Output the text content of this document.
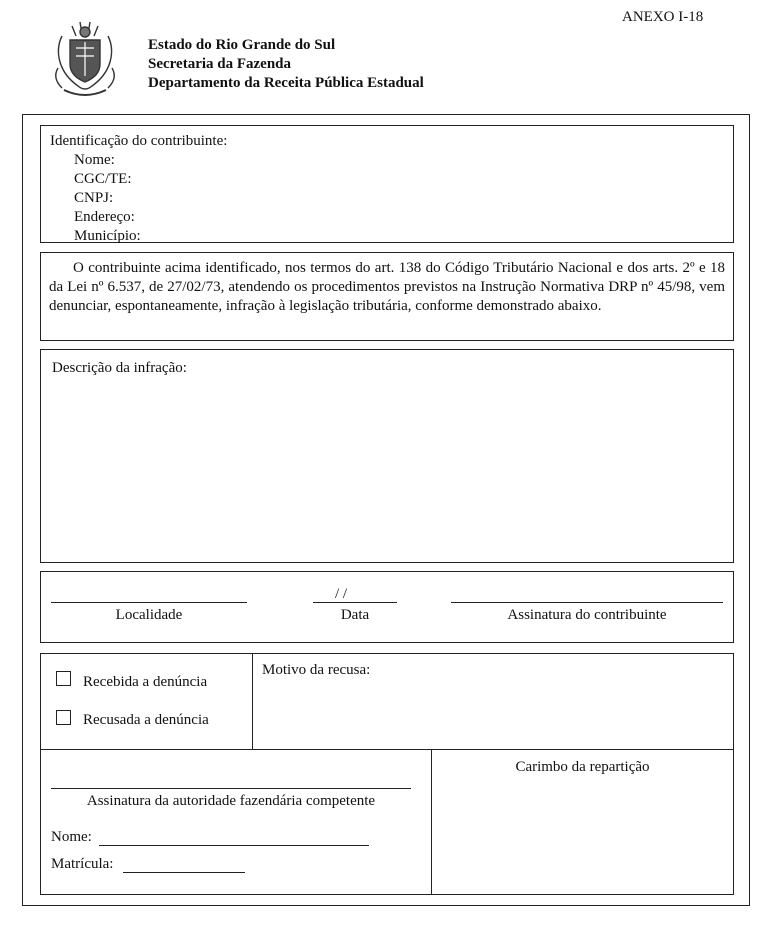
ANEXO I-18
Estado do Rio Grande do Sul
Secretaria da Fazenda
Departamento da Receita Pública Estadual
Identificação do contribuinte:
Nome:
CGC/TE:
CNPJ:
Endereço:
Município:

O contribuinte acima identificado, nos termos do art. 138 do Código Tributário Nacional e dos arts. 2º e 18 da Lei nº 6.537, de 27/02/73, atendendo os procedimentos previstos na Instrução Normativa DRP nº 45/98, vem denunciar, espontaneamente, infração à legislação tributária, conforme demonstrado abaixo.

Descrição da infração:
Localidade
/ /
Data	Assinatura do contribuinte
Recebida a denúncia
Recusada a denúncia
Motivo da recusa:
Assinatura da autoridade fazendária competente
Nome:
Matrícula:
Carimbo da repartição
